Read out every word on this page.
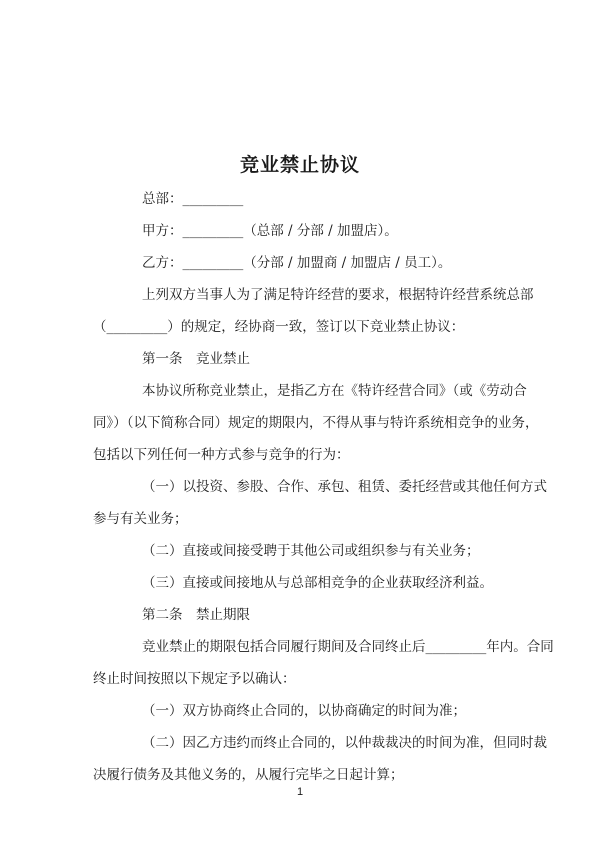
竞业禁止协议
总部：_________
甲方：_________（总部 / 分部 / 加盟店）。
乙方：_________（分部 / 加盟商 / 加盟店 / 员工）。
上列双方当事人为了满足特许经营的要求，根据特许经营系统总部
（_________）的规定，经协商一致，签订以下竞业禁止协议：
第一条　竞业禁止
本协议所称竞业禁止，是指乙方在《特许经营合同》（或《劳动合
同》）（以下简称合同）规定的期限内，不得从事与特许系统相竞争的业务，
包括以下列任何一种方式参与竞争的行为：
（一）以投资、参股、合作、承包、租赁、委托经营或其他任何方式
参与有关业务；
（二）直接或间接受聘于其他公司或组织参与有关业务；
（三）直接或间接地从与总部相竞争的企业获取经济利益。
第二条　禁止期限
竞业禁止的期限包括合同履行期间及合同终止后_________年内。合同
终止时间按照以下规定予以确认：
（一）双方协商终止合同的，以协商确定的时间为准；
（二）因乙方违约而终止合同的，以仲裁裁决的时间为准，但同时裁
决履行债务及其他义务的，从履行完毕之日起计算；
1
